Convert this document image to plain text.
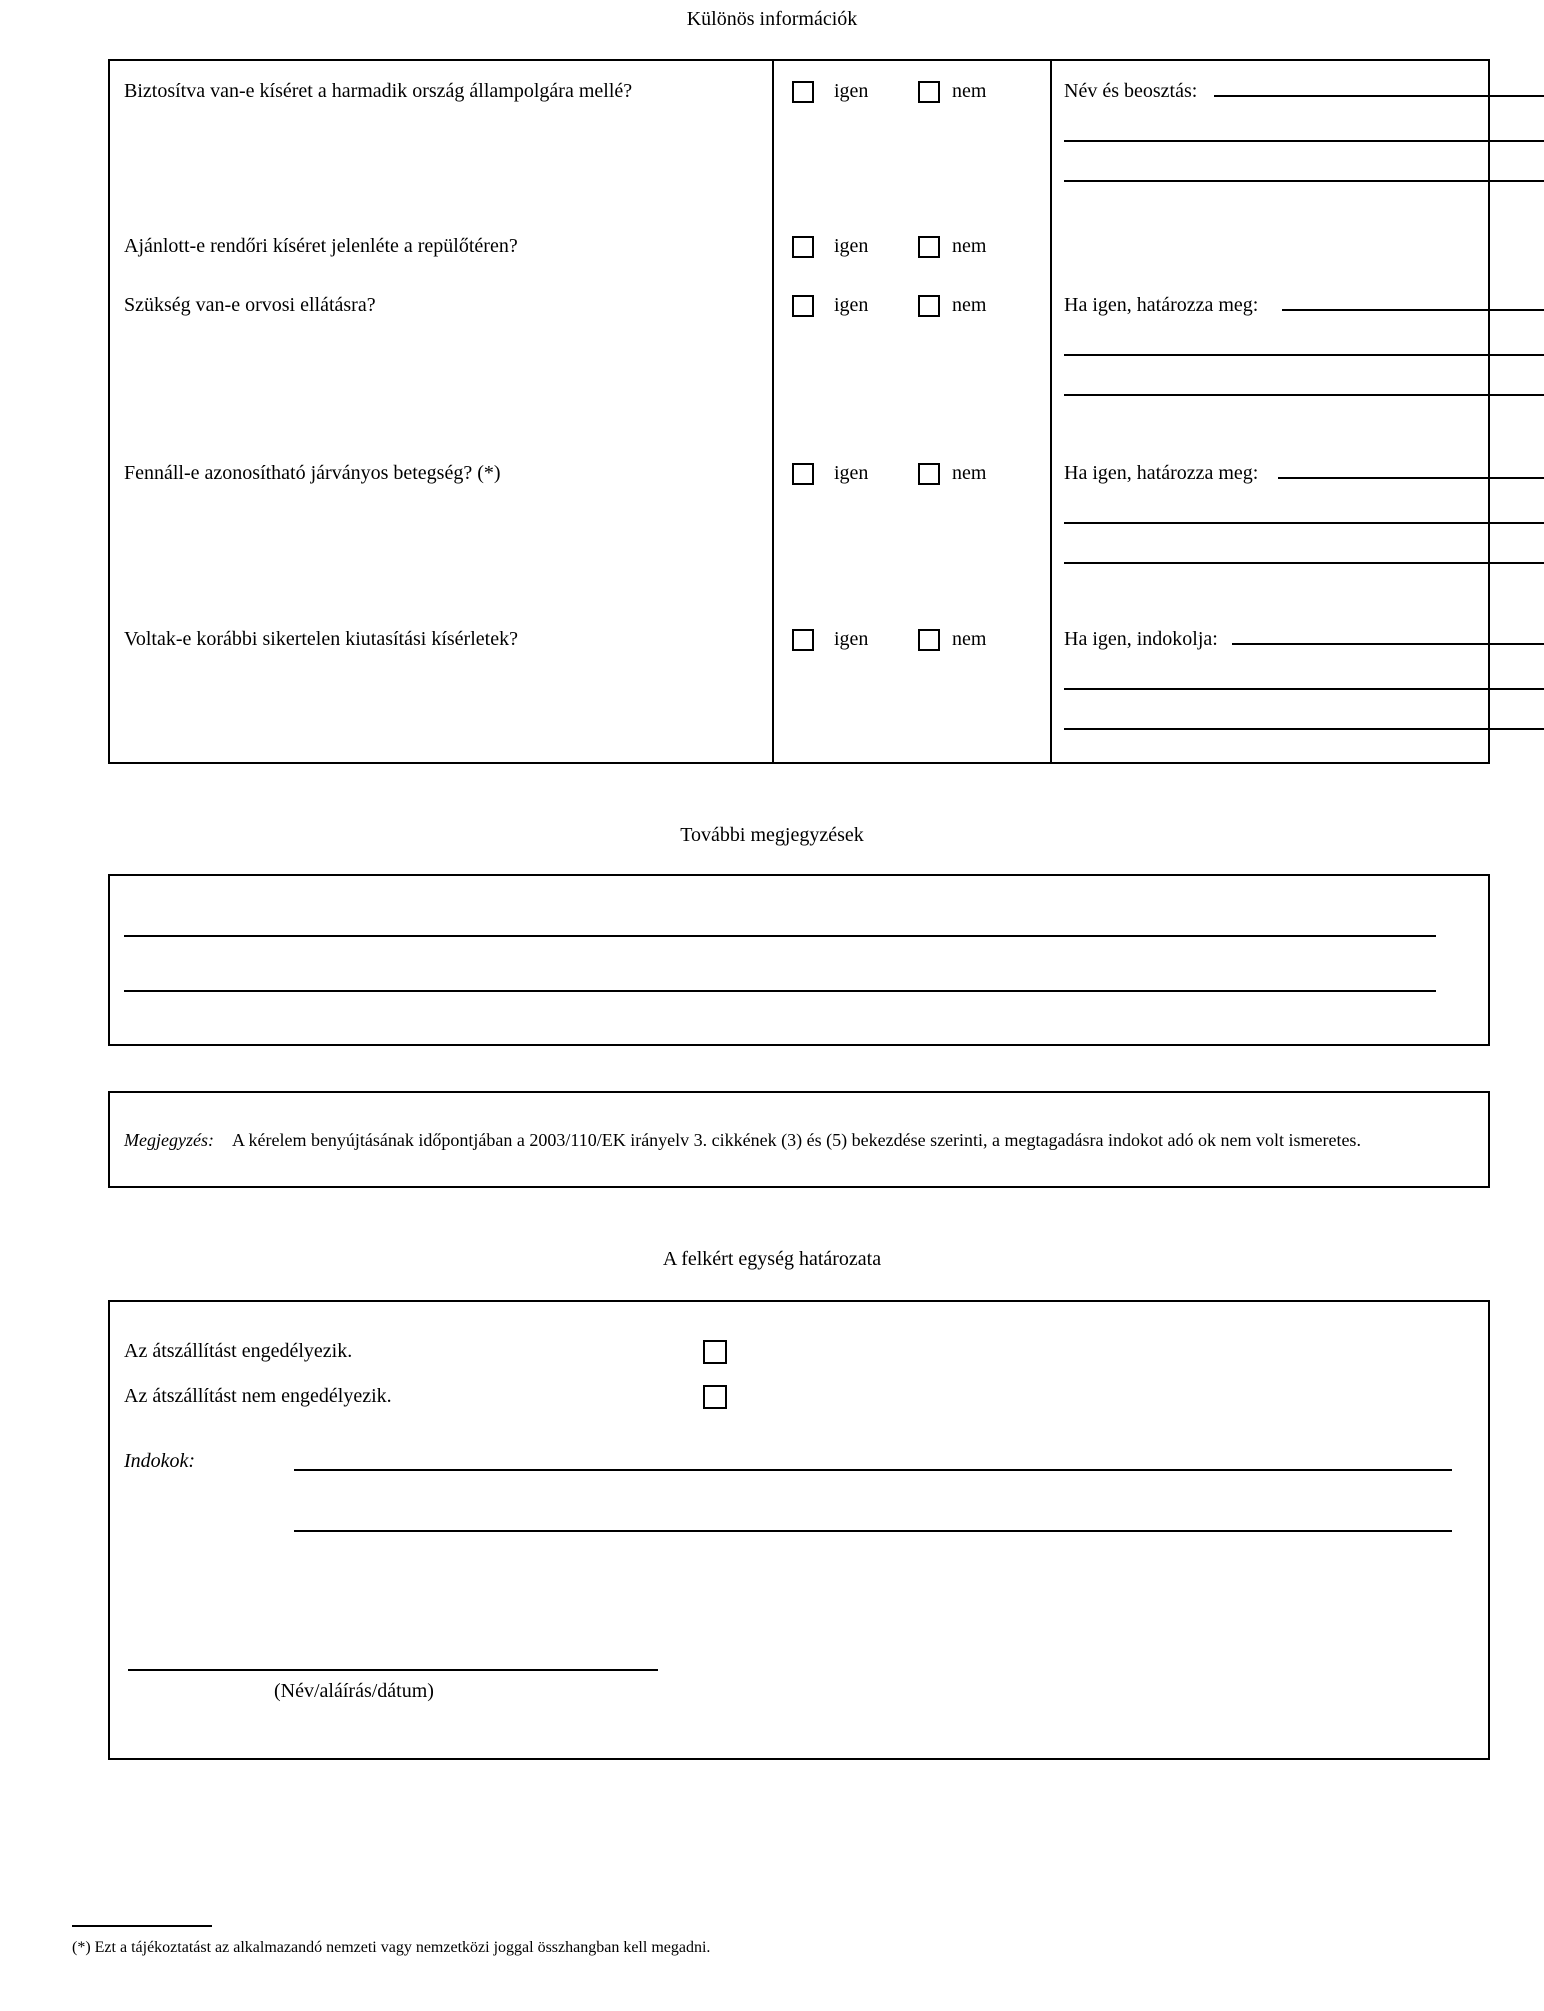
Különös információk
Biztosítva van-e kíséret a harmadik ország állampolgára mellé?	igen	nem	Név és beosztás:
Ajánlott-e rendőri kíséret jelenléte a repülőtéren?	igen	nem
Szükség van-e orvosi ellátásra?	igen	nem	Ha igen, határozza meg:
Fennáll-e azonosítható járványos betegség? (*)	igen	nem	Ha igen, határozza meg:
Voltak-e korábbi sikertelen kiutasítási kísérletek?	igen	nem	Ha igen, indokolja:
További megjegyzések
Megjegyzés: A kérelem benyújtásának időpontjában a 2003/110/EK irányelv 3. cikkének (3) és (5) bekezdése szerinti, a megtagadásra indokot adó ok nem volt ismeretes.
A felkért egység határozata
Az átszállítást engedélyezik.
Az átszállítást nem engedélyezik.
Indokok:
(Név/aláírás/dátum)
(*) Ezt a tájékoztatást az alkalmazandó nemzeti vagy nemzetközi joggal összhangban kell megadni.
